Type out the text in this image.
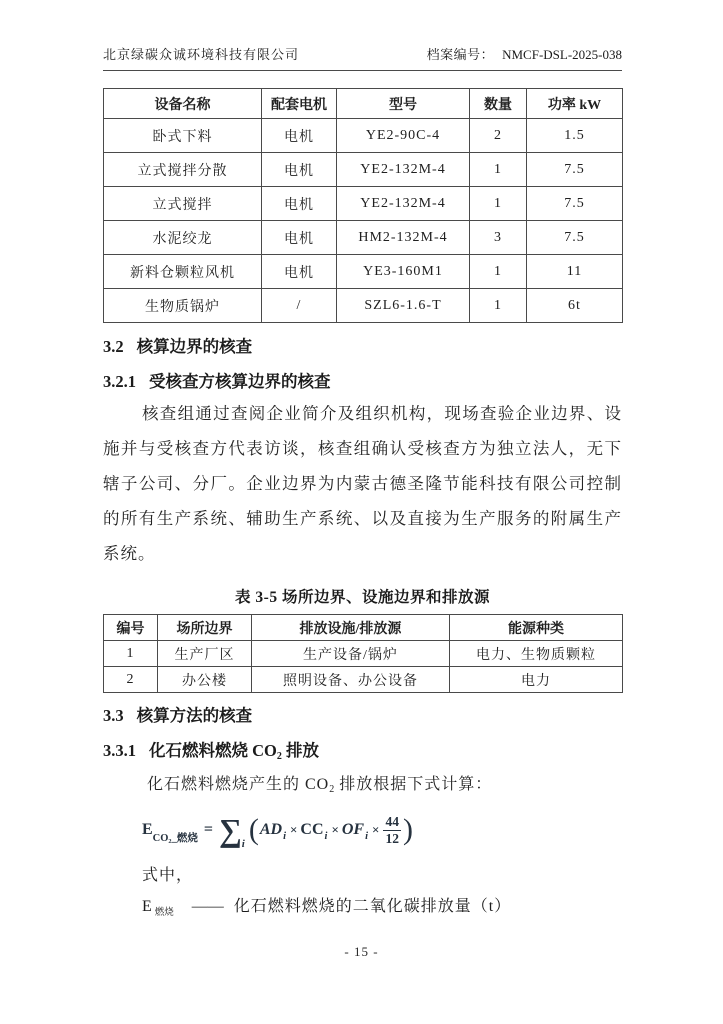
北京绿碳众诚环境科技有限公司	档案编号： NMCF-DSL-2025-038
设备名称	配套电机	型号	数量	功率 kW
卧式下料	电机	YE2-90C-4	2	1.5
立式搅拌分散	电机	YE2-132M-4	1	7.5
立式搅拌	电机	YE2-132M-4	1	7.5
水泥绞龙	电机	HM2-132M-4	3	7.5
新料仓颗粒风机	电机	YE3-160M1	1	11
生物质锅炉	/	SZL6-1.6-T	1	6t
3.2 核算边界的核查
3.2.1 受核查方核算边界的核查
核查组通过查阅企业简介及组织机构，现场查验企业边界、设施并与受核查方代表访谈，核查组确认受核查方为独立法人，无下辖子公司、分厂。企业边界为内蒙古德圣隆节能科技有限公司控制的所有生产系统、辅助生产系统、以及直接为生产服务的附属生产系统。
表 3-5 场所边界、设施边界和排放源
编号	场所边界	排放设施/排放源	能源种类
1	生产厂区	生产设备/锅炉	电力、生物质颗粒
2	办公楼	照明设备、办公设备	电力
3.3 核算方法的核查
3.3.1 化石燃料燃烧 CO2 排放
化石燃料燃烧产生的 CO2 排放根据下式计算：
E CO₂_燃烧 = ∑ i ( AD i × CC i × OF $i \times \frac{44}{12}$ )
式中，
E $_{燃烧}$ —— 化石燃料燃烧的二氧化碳排放量（t）
- 15 -
